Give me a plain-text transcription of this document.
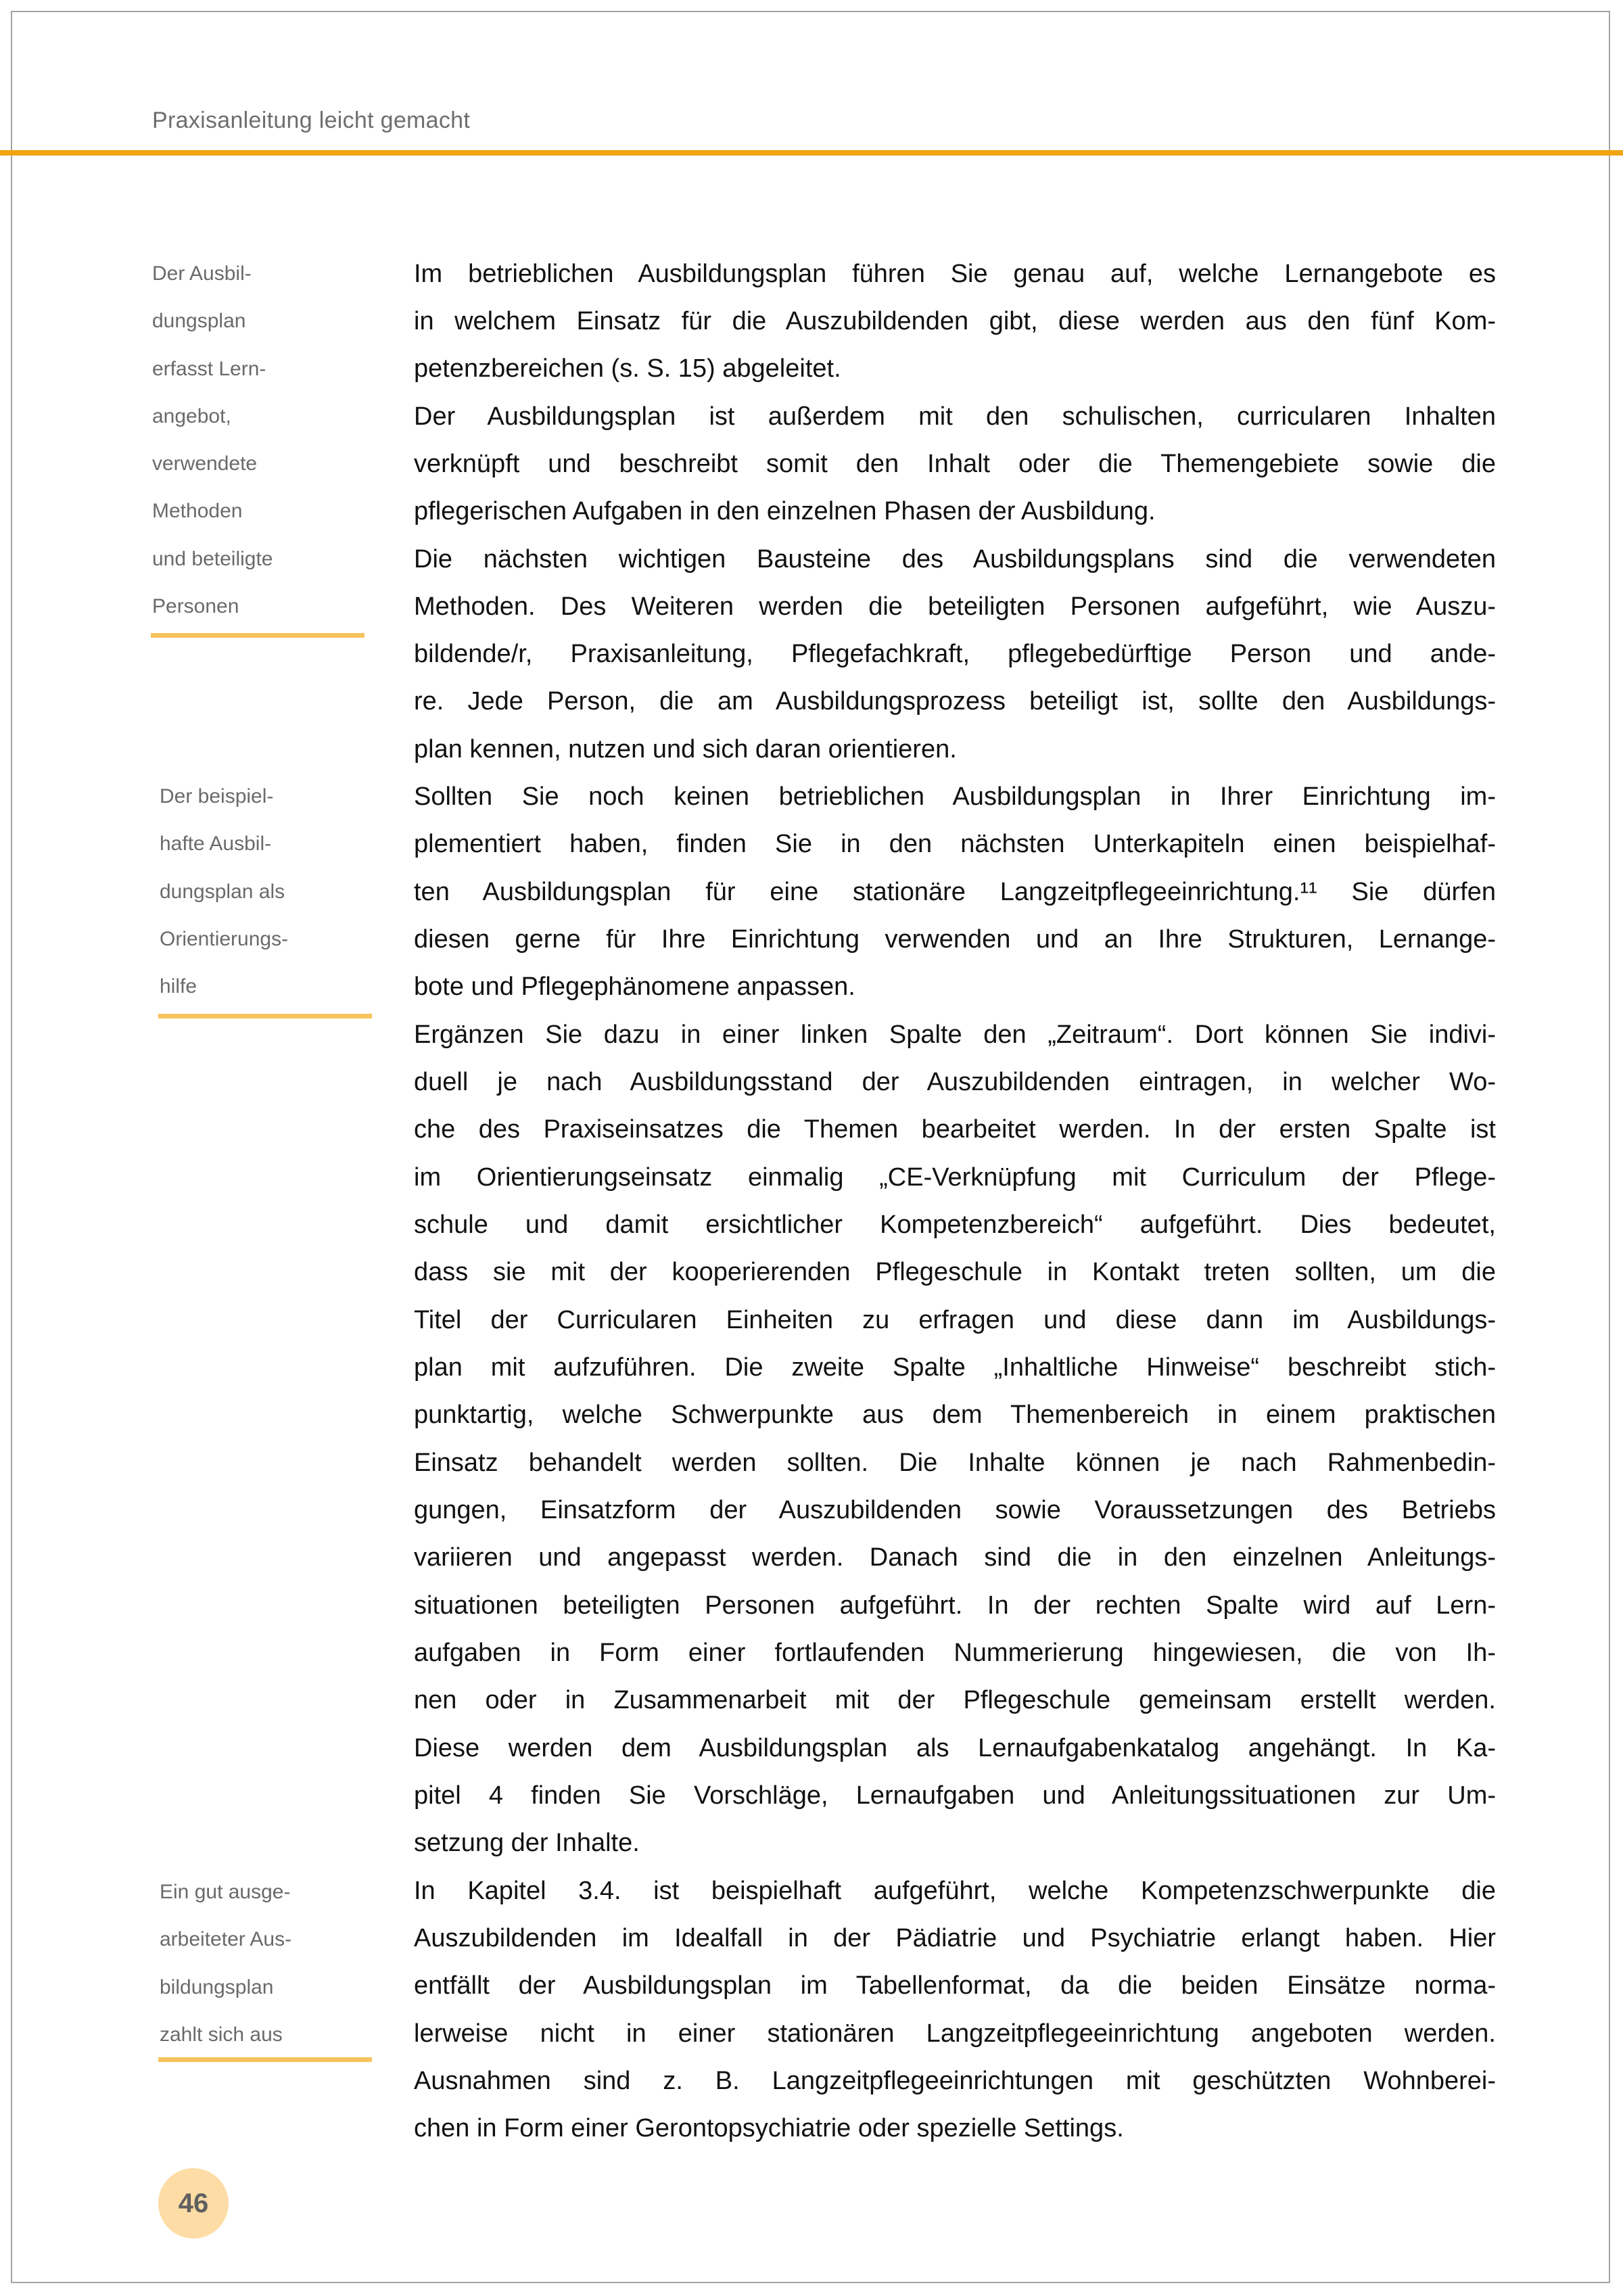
Praxisanleitung leicht gemacht
Der Ausbil-
dungsplan
erfasst Lern-
angebot,
verwendete
Methoden
und beteiligte
Personen
Der beispiel-
hafte Ausbil-
dungsplan als
Orientierungs-
hilfe
Ein gut ausge-
arbeiteter Aus-
bildungsplan
zahlt sich aus
Im betrieblichen Ausbildungsplan führen Sie genau auf, welche Lernangebote es
in welchem Einsatz für die Auszubildenden gibt, diese werden aus den fünf Kom-
petenzbereichen (s. S. 15) abgeleitet.
Der Ausbildungsplan ist außerdem mit den schulischen, curricularen Inhalten
verknüpft und beschreibt somit den Inhalt oder die Themengebiete sowie die
pflegerischen Aufgaben in den einzelnen Phasen der Ausbildung.
Die nächsten wichtigen Bausteine des Ausbildungsplans sind die verwendeten
Methoden. Des Weiteren werden die beteiligten Personen aufgeführt, wie Auszu-
bildende/r, Praxisanleitung, Pflegefachkraft, pflegebedürftige Person und ande-
re. Jede Person, die am Ausbildungsprozess beteiligt ist, sollte den Ausbildungs-
plan kennen, nutzen und sich daran orientieren.
Sollten Sie noch keinen betrieblichen Ausbildungsplan in Ihrer Einrichtung im-
plementiert haben, finden Sie in den nächsten Unterkapiteln einen beispielhaf-
ten Ausbildungsplan für eine stationäre Langzeitpflegeeinrichtung.¹¹ Sie dürfen
diesen gerne für Ihre Einrichtung verwenden und an Ihre Strukturen, Lernange-
bote und Pflegephänomene anpassen.
Ergänzen Sie dazu in einer linken Spalte den „Zeitraum“. Dort können Sie indivi-
duell je nach Ausbildungsstand der Auszubildenden eintragen, in welcher Wo-
che des Praxiseinsatzes die Themen bearbeitet werden. In der ersten Spalte ist
im Orientierungseinsatz einmalig „CE-Verknüpfung mit Curriculum der Pflege-
schule und damit ersichtlicher Kompetenzbereich“ aufgeführt. Dies bedeutet,
dass sie mit der kooperierenden Pflegeschule in Kontakt treten sollten, um die
Titel der Curricularen Einheiten zu erfragen und diese dann im Ausbildungs-
plan mit aufzuführen. Die zweite Spalte „Inhaltliche Hinweise“ beschreibt stich-
punktartig, welche Schwerpunkte aus dem Themenbereich in einem praktischen
Einsatz behandelt werden sollten. Die Inhalte können je nach Rahmenbedin-
gungen, Einsatzform der Auszubildenden sowie Voraussetzungen des Betriebs
variieren und angepasst werden. Danach sind die in den einzelnen Anleitungs-
situationen beteiligten Personen aufgeführt. In der rechten Spalte wird auf Lern-
aufgaben in Form einer fortlaufenden Nummerierung hingewiesen, die von Ih-
nen oder in Zusammenarbeit mit der Pflegeschule gemeinsam erstellt werden.
Diese werden dem Ausbildungsplan als Lernaufgabenkatalog angehängt. In Ka-
pitel 4 finden Sie Vorschläge, Lernaufgaben und Anleitungssituationen zur Um-
setzung der Inhalte.
In Kapitel 3.4. ist beispielhaft aufgeführt, welche Kompetenzschwerpunkte die
Auszubildenden im Idealfall in der Pädiatrie und Psychiatrie erlangt haben. Hier
entfällt der Ausbildungsplan im Tabellenformat, da die beiden Einsätze norma-
lerweise nicht in einer stationären Langzeitpflegeeinrichtung angeboten werden.
Ausnahmen sind z. B. Langzeitpflegeeinrichtungen mit geschützten Wohnberei-
chen in Form einer Gerontopsychiatrie oder spezielle Settings.
46
